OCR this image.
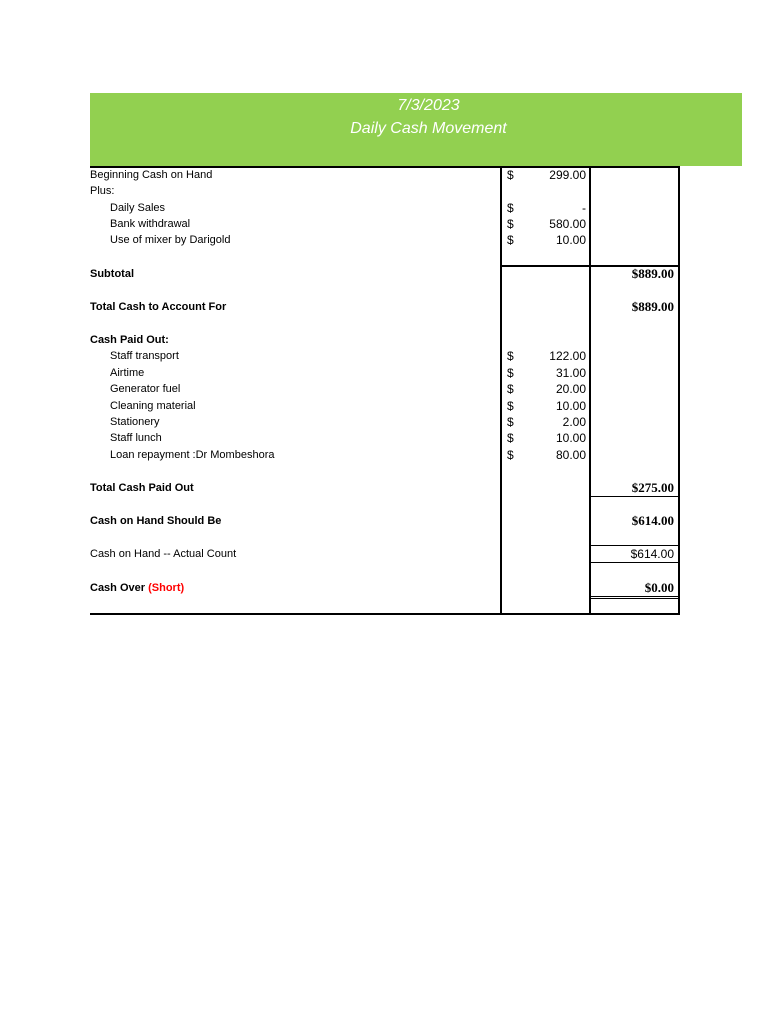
7/3/2023
Daily Cash Movement
Beginning Cash on Hand	$	299.00
Plus:
Daily Sales	$	-
Bank withdrawal	$	580.00
Use of mixer by Darigold	$	10.00
Subtotal	$889.00
Total Cash to Account For	$889.00
Cash Paid Out:
Staff transport	$	122.00
Airtime	$	31.00
Generator fuel	$	20.00
Cleaning material	$	10.00
Stationery	$	2.00
Staff lunch	$	10.00
Loan repayment :Dr Mombeshora	$	80.00
Total Cash Paid Out	$275.00
Cash on Hand Should Be	$614.00
Cash on Hand -- Actual Count	$614.00
Cash Over (Short)	$0.00
